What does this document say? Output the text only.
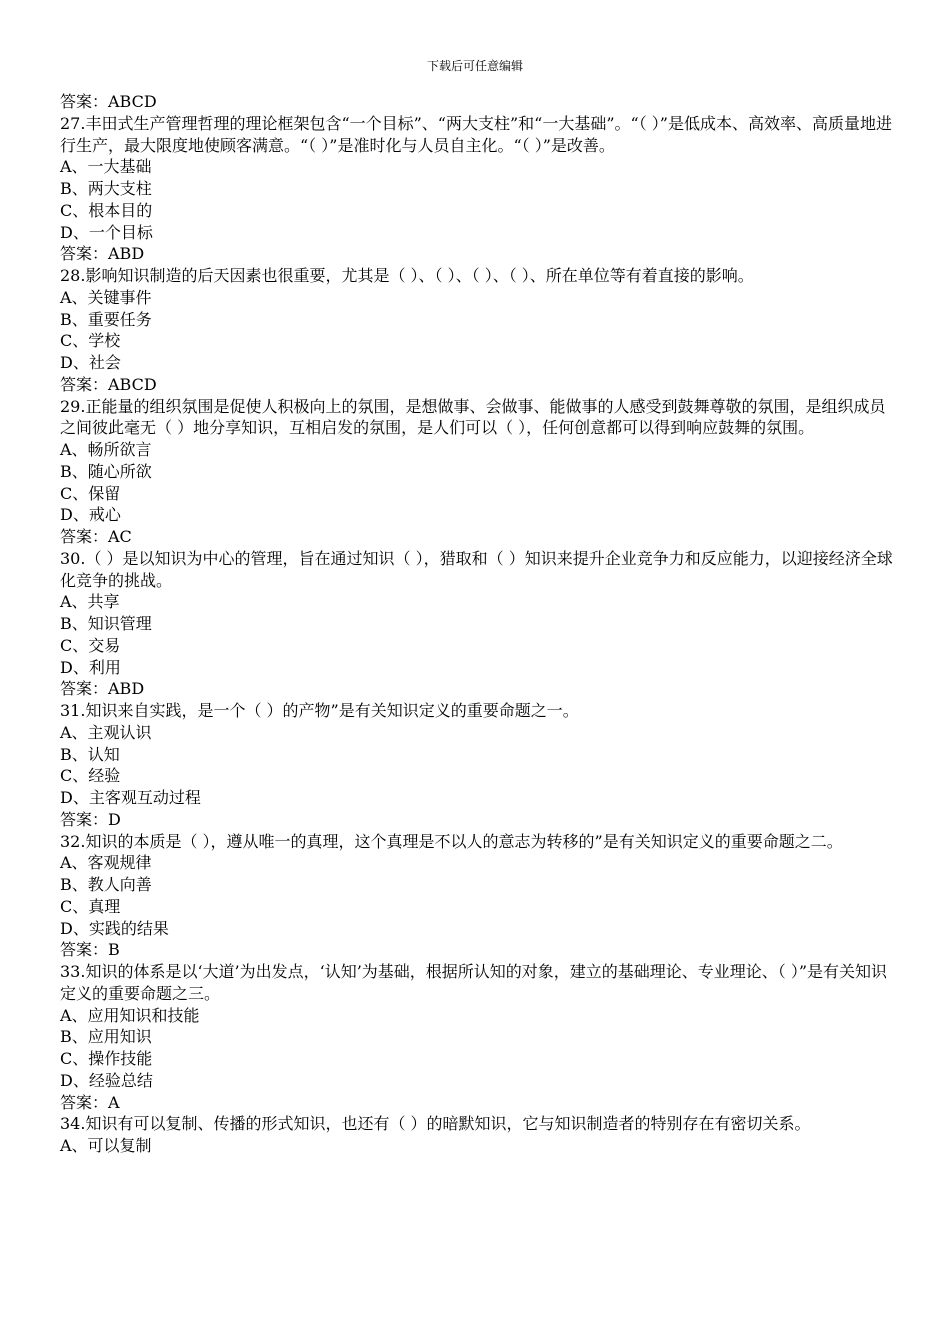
下载后可任意编辑

答案：ABCD

27.丰田式生产管理哲理的理论框架包含“一个目标”、“两大支柱”和“一大基础”。“（ ）”是低成本、高效率、高质量地进行生产，最大限度地使顾客满意。“（ ）”是准时化与人员自主化。“（ ）”是改善。

A、一大基础

B、两大支柱

C、根本目的

D、一个目标

答案：ABD

28.影响知识制造的后天因素也很重要，尤其是（ ）、（ ）、（ ）、（ ）、所在单位等有着直接的影响。

A、关键事件

B、重要任务

C、学校

D、社会

答案：ABCD

29.正能量的组织氛围是促使人积极向上的氛围，是想做事、会做事、能做事的人感受到鼓舞尊敬的氛围，是组织成员之间彼此毫无（ ）地分享知识，互相启发的氛围，是人们可以（ ），任何创意都可以得到响应鼓舞的氛围。

A、畅所欲言

B、随心所欲

C、保留

D、戒心

答案：AC

30.（ ）是以知识为中心的管理，旨在通过知识（ ），猎取和（ ）知识来提升企业竞争力和反应能力，以迎接经济全球化竞争的挑战。

A、共享

B、知识管理

C、交易

D、利用

答案：ABD

31.知识来自实践，是一个（ ）的产物”是有关知识定义的重要命题之一。

A、主观认识

B、认知

C、经验

D、主客观互动过程

答案：D

32.知识的本质是（ ），遵从唯一的真理，这个真理是不以人的意志为转移的”是有关知识定义的重要命题之二。

A、客观规律

B、教人向善

C、真理

D、实践的结果

答案：B

33.知识的体系是以‘大道’为出发点，‘认知’为基础，根据所认知的对象，建立的基础理论、专业理论、（ ）”是有关知识定义的重要命题之三。

A、应用知识和技能

B、应用知识

C、操作技能

D、经验总结

答案：A

34.知识有可以复制、传播的形式知识，也还有（ ）的暗默知识，它与知识制造者的特别存在有密切关系。

A、可以复制
